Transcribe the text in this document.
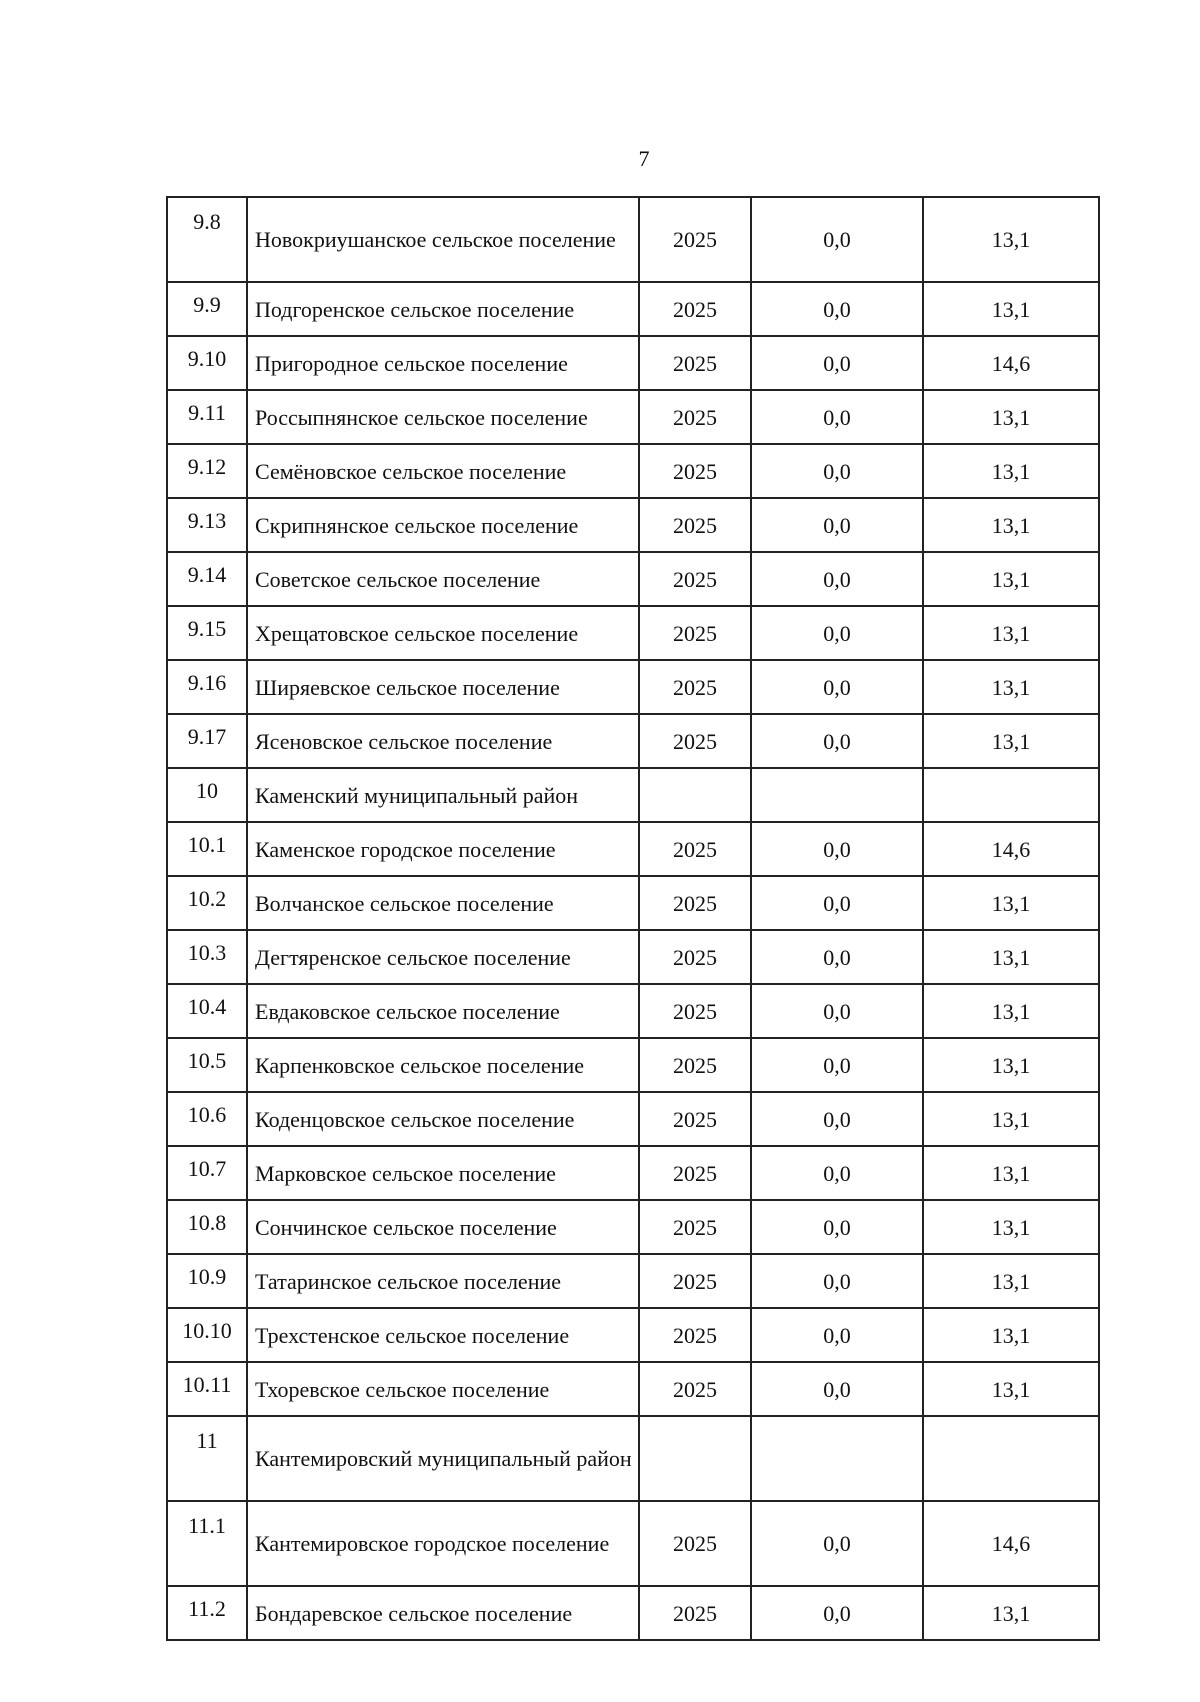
7
9.8	Новокриушанское сельское поселение	2025	0,0	13,1
9.9	Подгоренское сельское поселение	2025	0,0	13,1
9.10	Пригородное сельское поселение	2025	0,0	14,6
9.11	Россыпнянское сельское поселение	2025	0,0	13,1
9.12	Семёновское сельское поселение	2025	0,0	13,1
9.13	Скрипнянское сельское поселение	2025	0,0	13,1
9.14	Советское сельское поселение	2025	0,0	13,1
9.15	Хрещатовское сельское поселение	2025	0,0	13,1
9.16	Ширяевское сельское поселение	2025	0,0	13,1
9.17	Ясеновское сельское поселение	2025	0,0	13,1
10	Каменский муниципальный район			
10.1	Каменское городское поселение	2025	0,0	14,6
10.2	Волчанское сельское поселение	2025	0,0	13,1
10.3	Дегтяренское сельское поселение	2025	0,0	13,1
10.4	Евдаковское сельское поселение	2025	0,0	13,1
10.5	Карпенковское сельское поселение	2025	0,0	13,1
10.6	Коденцовское сельское поселение	2025	0,0	13,1
10.7	Марковское сельское поселение	2025	0,0	13,1
10.8	Сончинское сельское поселение	2025	0,0	13,1
10.9	Татаринское сельское поселение	2025	0,0	13,1
10.10	Трехстенское сельское поселение	2025	0,0	13,1
10.11	Тхоревское сельское поселение	2025	0,0	13,1
11	Кантемировский муниципальный район			
11.1	Кантемировское городское поселение	2025	0,0	14,6
11.2	Бондаревское сельское поселение	2025	0,0	13,1
